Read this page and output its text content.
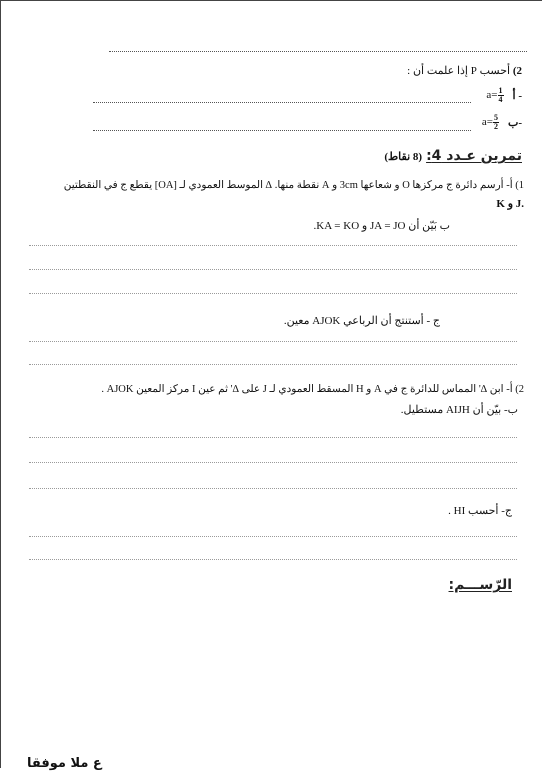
2) أحسب P إذا علمت أن :
$a= \frac{1}{4}$ أ -
$a= \frac{5}{2}$ ب-
تمرين عـدد 4: (8 نقاط)
1) أ- أرسم دائرة ج مركزها O و شعاعها 3cm و A نقطة منها. ∆ الموسط العمودي لـ [OA] يقطع ج في النقطتين
K و J.
ب بَيّن أن JA = JO و KA = KO.
ج - أستنتج أن الرباعي AJOK معين.
2) أ- ابن ∆' المماس للدائرة ج في A و H المسقط العمودي لـ J على ∆' ثم عين I مركز المعين AJOK .
ب- بيّن أن AIJH مستطيل.
ج- أحسب HI .
الرّســـم:
ع ملا موفقا
